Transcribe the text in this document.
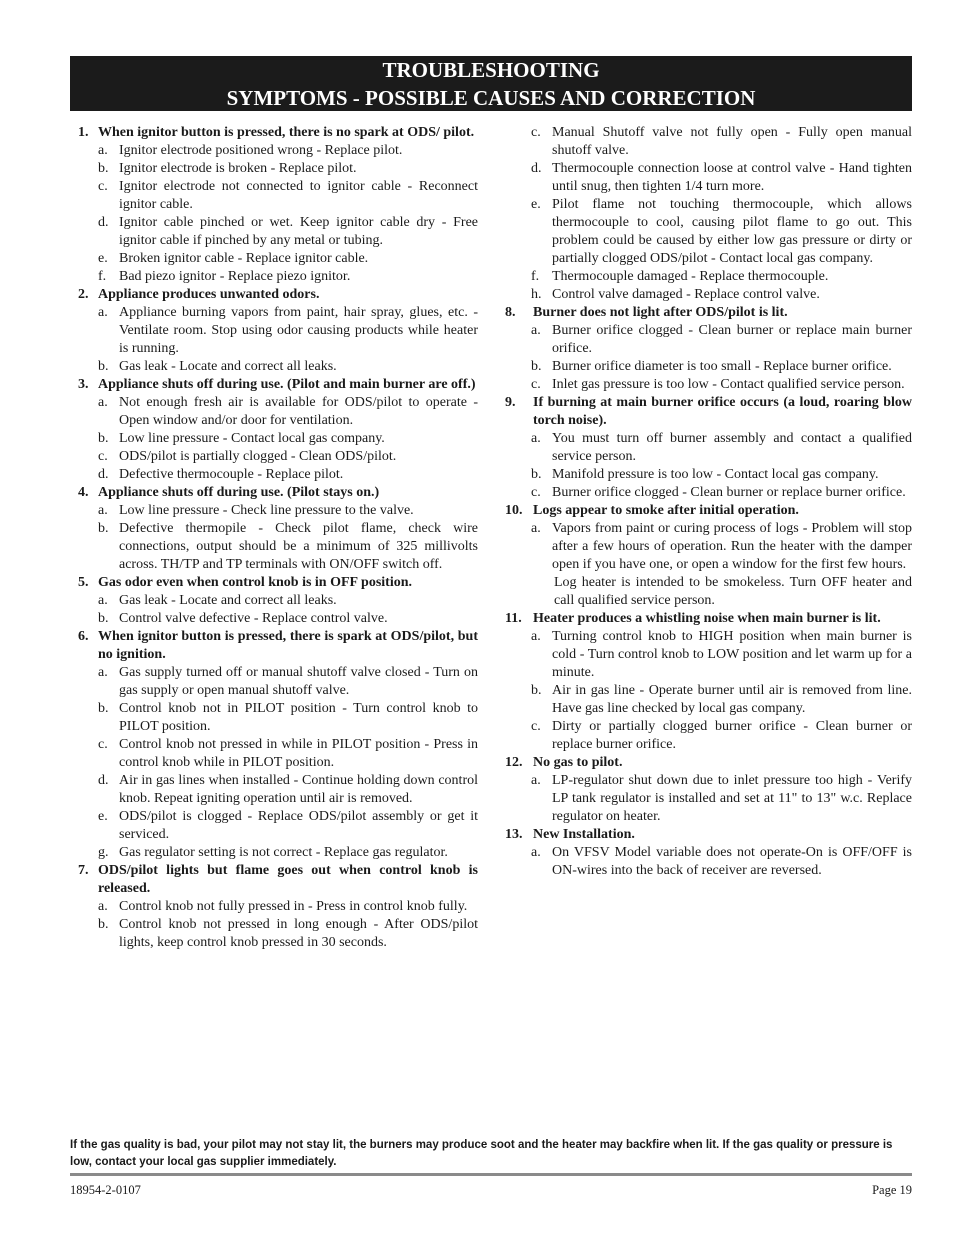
TROUBLESHOOTING
SYMPTOMS - POSSIBLE CAUSES AND CORRECTION
1. When ignitor button is pressed, there is no spark at ODS/ pilot.
a. Ignitor electrode positioned wrong - Replace pilot.
b. Ignitor electrode is broken - Replace pilot.
c. Ignitor electrode not connected to ignitor cable - Reconnect ignitor cable.
d. Ignitor cable pinched or wet. Keep ignitor cable dry - Free ignitor cable if pinched by any metal or tubing.
e. Broken ignitor cable - Replace ignitor cable.
f. Bad piezo ignitor - Replace piezo ignitor.
2. Appliance produces unwanted odors.
a. Appliance burning vapors from paint, hair spray, glues, etc. - Ventilate room. Stop using odor causing products while heater is running.
b. Gas leak - Locate and correct all leaks.
3. Appliance shuts off during use. (Pilot and main burner are off.)
a. Not enough fresh air is available for ODS/pilot to operate - Open window and/or door for ventilation.
b. Low line pressure - Contact local gas company.
c. ODS/pilot is partially clogged - Clean ODS/pilot.
d. Defective thermocouple - Replace pilot.
4. Appliance shuts off during use. (Pilot stays on.)
a. Low line pressure - Check line pressure to the valve.
b. Defective thermopile - Check pilot flame, check wire connections, output should be a minimum of 325 millivolts across. TH/TP and TP terminals with ON/OFF switch off.
5. Gas odor even when control knob is in OFF position.
a. Gas leak - Locate and correct all leaks.
b. Control valve defective - Replace control valve.
6. When ignitor button is pressed, there is spark at ODS/pilot, but no ignition.
a. Gas supply turned off or manual shutoff valve closed - Turn on gas supply or open manual shutoff valve.
b. Control knob not in PILOT position - Turn control knob to PILOT position.
c. Control knob not pressed in while in PILOT position - Press in control knob while in PILOT position.
d. Air in gas lines when installed - Continue holding down control knob. Repeat igniting operation until air is removed.
e. ODS/pilot is clogged - Replace ODS/pilot assembly or get it serviced.
g. Gas regulator setting is not correct - Replace gas regulator.
7. ODS/pilot lights but flame goes out when control knob is released.
a. Control knob not fully pressed in - Press in control knob fully.
b. Control knob not pressed in long enough - After ODS/pilot lights, keep control knob pressed in 30 seconds.
c. Manual Shutoff valve not fully open - Fully open manual shutoff valve.
d. Thermocouple connection loose at control valve - Hand tighten until snug, then tighten 1/4 turn more.
e. Pilot flame not touching thermocouple, which allows thermocouple to cool, causing pilot flame to go out. This problem could be caused by either low gas pressure or dirty or partially clogged ODS/pilot - Contact local gas company.
f. Thermocouple damaged - Replace thermocouple.
h. Control valve damaged - Replace control valve.
8.	Burner does not light after ODS/pilot is lit.
a. Burner orifice clogged - Clean burner or replace main burner orifice.
b. Burner orifice diameter is too small - Replace burner orifice.
c. Inlet gas pressure is too low - Contact qualified service person.
9.	If burning at main burner orifice occurs (a loud, roaring blow torch noise).
a. You must turn off burner assembly and contact a qualified service person.
b. Manifold pressure is too low - Contact local gas company.
c. Burner orifice clogged - Clean burner or replace burner orifice.
10. Logs appear to smoke after initial operation.
a. Vapors from paint or curing process of logs - Problem will stop after a few hours of operation. Run the heater with the damper open if you have one, or open a window for the first few hours.
Log heater is intended to be smokeless. Turn OFF heater and call qualified service person.
11. Heater produces a whistling noise when main burner is lit.
a. Turning control knob to HIGH position when main burner is cold - Turn control knob to LOW position and let warm up for a minute.
b. Air in gas line - Operate burner until air is removed from line. Have gas line checked by local gas company.
c. Dirty or partially clogged burner orifice - Clean burner or replace burner orifice.
12. No gas to pilot.
a. LP-regulator shut down due to inlet pressure too high - Verify LP tank regulator is installed and set at 11" to 13" w.c. Replace regulator on heater.
13. New Installation.
a. On VFSV Model variable does not operate-On is OFF/OFF is ON-wires into the back of receiver are reversed.
If the gas quality is bad, your pilot may not stay lit, the burners may produce soot and the heater may backfire when lit. If the gas quality or pressure is low, contact your local gas supplier immediately.
18954-2-0107	Page 19
